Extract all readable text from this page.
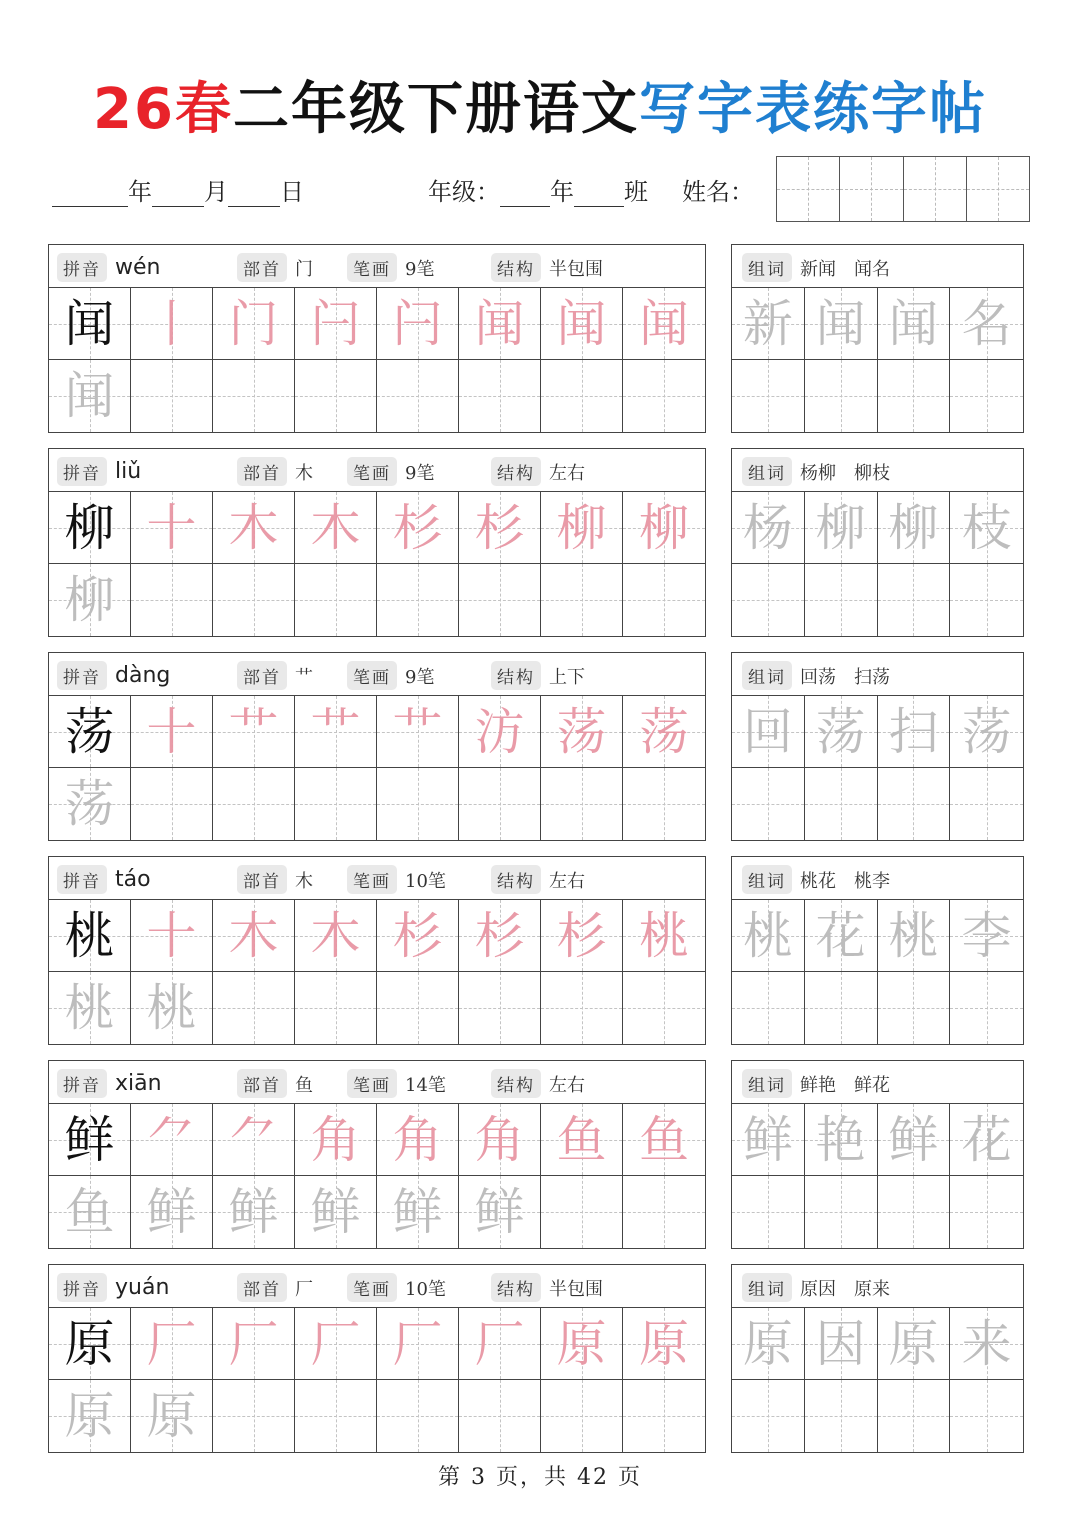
26春二年级下册语文写字表练字帖
年 月 日	年级： 年 班 姓名：
拼音 wén	部首 门	笔画 9笔	结构 半包围
闻 丨 门 闩 闩 闻 闻 闻
闻
组词 新闻　闻名
新 闻 闻 名
拼音 liǔ	部首 木	笔画 9笔	结构 左右
柳 十 木 木 杉 杉 柳 柳
柳
组词 杨柳　柳枝
杨 柳 柳 枝
拼音 dàng	部首 艹	笔画 9笔	结构 上下
荡 十 艹 艹 艹 汸 荡 荡
荡
组词 回荡　扫荡
回 荡 扫 荡
拼音 táo	部首 木	笔画 10笔	结构 左右
桃 十 木 木 杉 杉 杉 桃
桃 桃
组词 桃花　桃李
桃 花 桃 李
拼音 xiān	部首 鱼	笔画 14笔	结构 左右
鲜 ⺈ ⺈ 角 角 角 鱼 鱼
鱼 鲜 鲜 鲜 鲜 鲜
组词 鲜艳　鲜花
鲜 艳 鲜 花
拼音 yuán	部首 厂	笔画 10笔	结构 半包围
原 厂 厂 厂 厂 厂 原 原
原 原
组词 原因　原来
原 因 原 来
第 3 页，共 42 页
